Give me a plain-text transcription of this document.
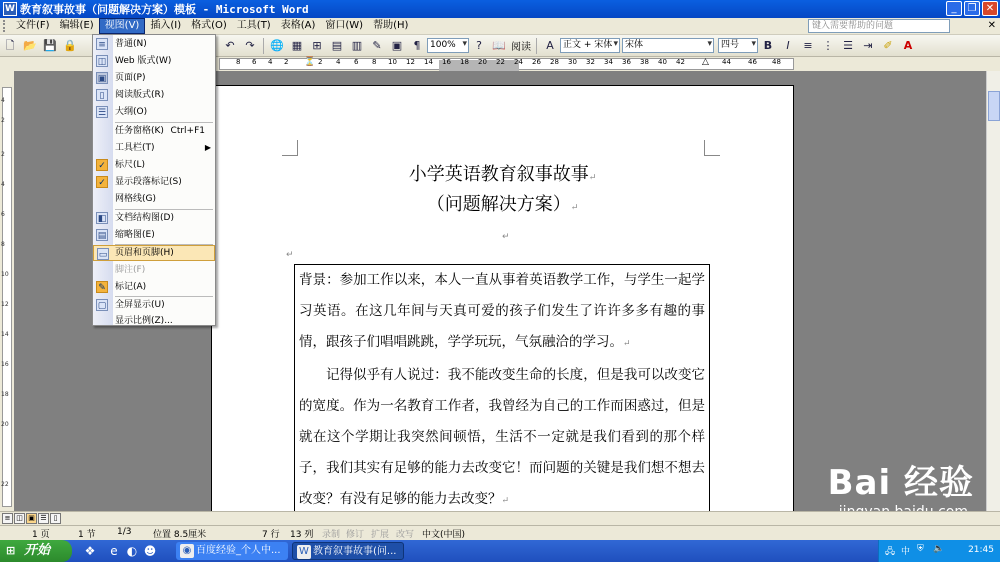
W 教育叙事故事（问题解决方案）模板 - Microsoft Word	_	❐ ✕
文件(F)	编辑(E)	视图(V)	插入(I)	格式(O)	工具(T)	表格(A)	窗口(W)	帮助(H)	键入需要帮助的问题	✕
🗋 📂 💾 🔒	↶ ↷	🌐 ▦ ⊞ ▤ ▥ ✎ ▣	¶	100% ▾	? 📖 阅读	A	正文 + 宋体 ▾	宋体 ▾	四号 ▾	B	I	≡ ⋮ ☰ ⇥ ✐	A
8 6 4 2 ⏳ 2 4 6 8 10 12 14 16 18 20 22 24 26 28 30 32 34 36 38 40 42 △ 44 46 48
4
2
2
4
6
8
10
12
14
16
18
20
22
小学英语教育叙事故事↵
（问题解决方案）↵
↵
↵

背景：参加工作以来，本人一直从事着英语教学工作，与学生一起学习英语。在这几年间与天真可爱的孩子们发生了许许多多有趣的事情，跟孩子们唱唱跳跳，学学玩玩，气氛融洽的学习。↵

记得似乎有人说过：我不能改变生命的长度，但是我可以改变它的宽度。作为一名教育工作者，我曾经为自己的工作而困惑过，但是就在这个学期让我突然间顿悟，生活不一定就是我们看到的那个样子，我们其实有足够的能力去改变它！而问题的关键是我们想不想去改变？有没有足够的能力去改变？↵	Bai 经验
≡ ◫ ▣ ☰ ▯
1 页	1 节 1/3 位置 8.5厘米	7 行 13 列 录制 修订 扩展 改写 中文(中国)
⊞ 开始	❖	e ◐ ☻	◉ 百度经验_个人中...	W 教育叙事故事(问...	🖧 中 ⛨ 🔈	21:45
≡ 普通(N)
◫ Web 版式(W)
▣ 页面(P)
▯	阅读版式(R)
☰ 大纲(O)
任务窗格(K) Ctrl+F1
工具栏(T)	▶
✓ 标尺(L)
✓ 显示段落标记(S)
网格线(G)
◧ 文档结构图(D)
▤ 缩略图(E)
▭ 页眉和页脚(H)
脚注(F)
✎ 标记(A)
▢ 全屏显示(U)
显示比例(Z)...
